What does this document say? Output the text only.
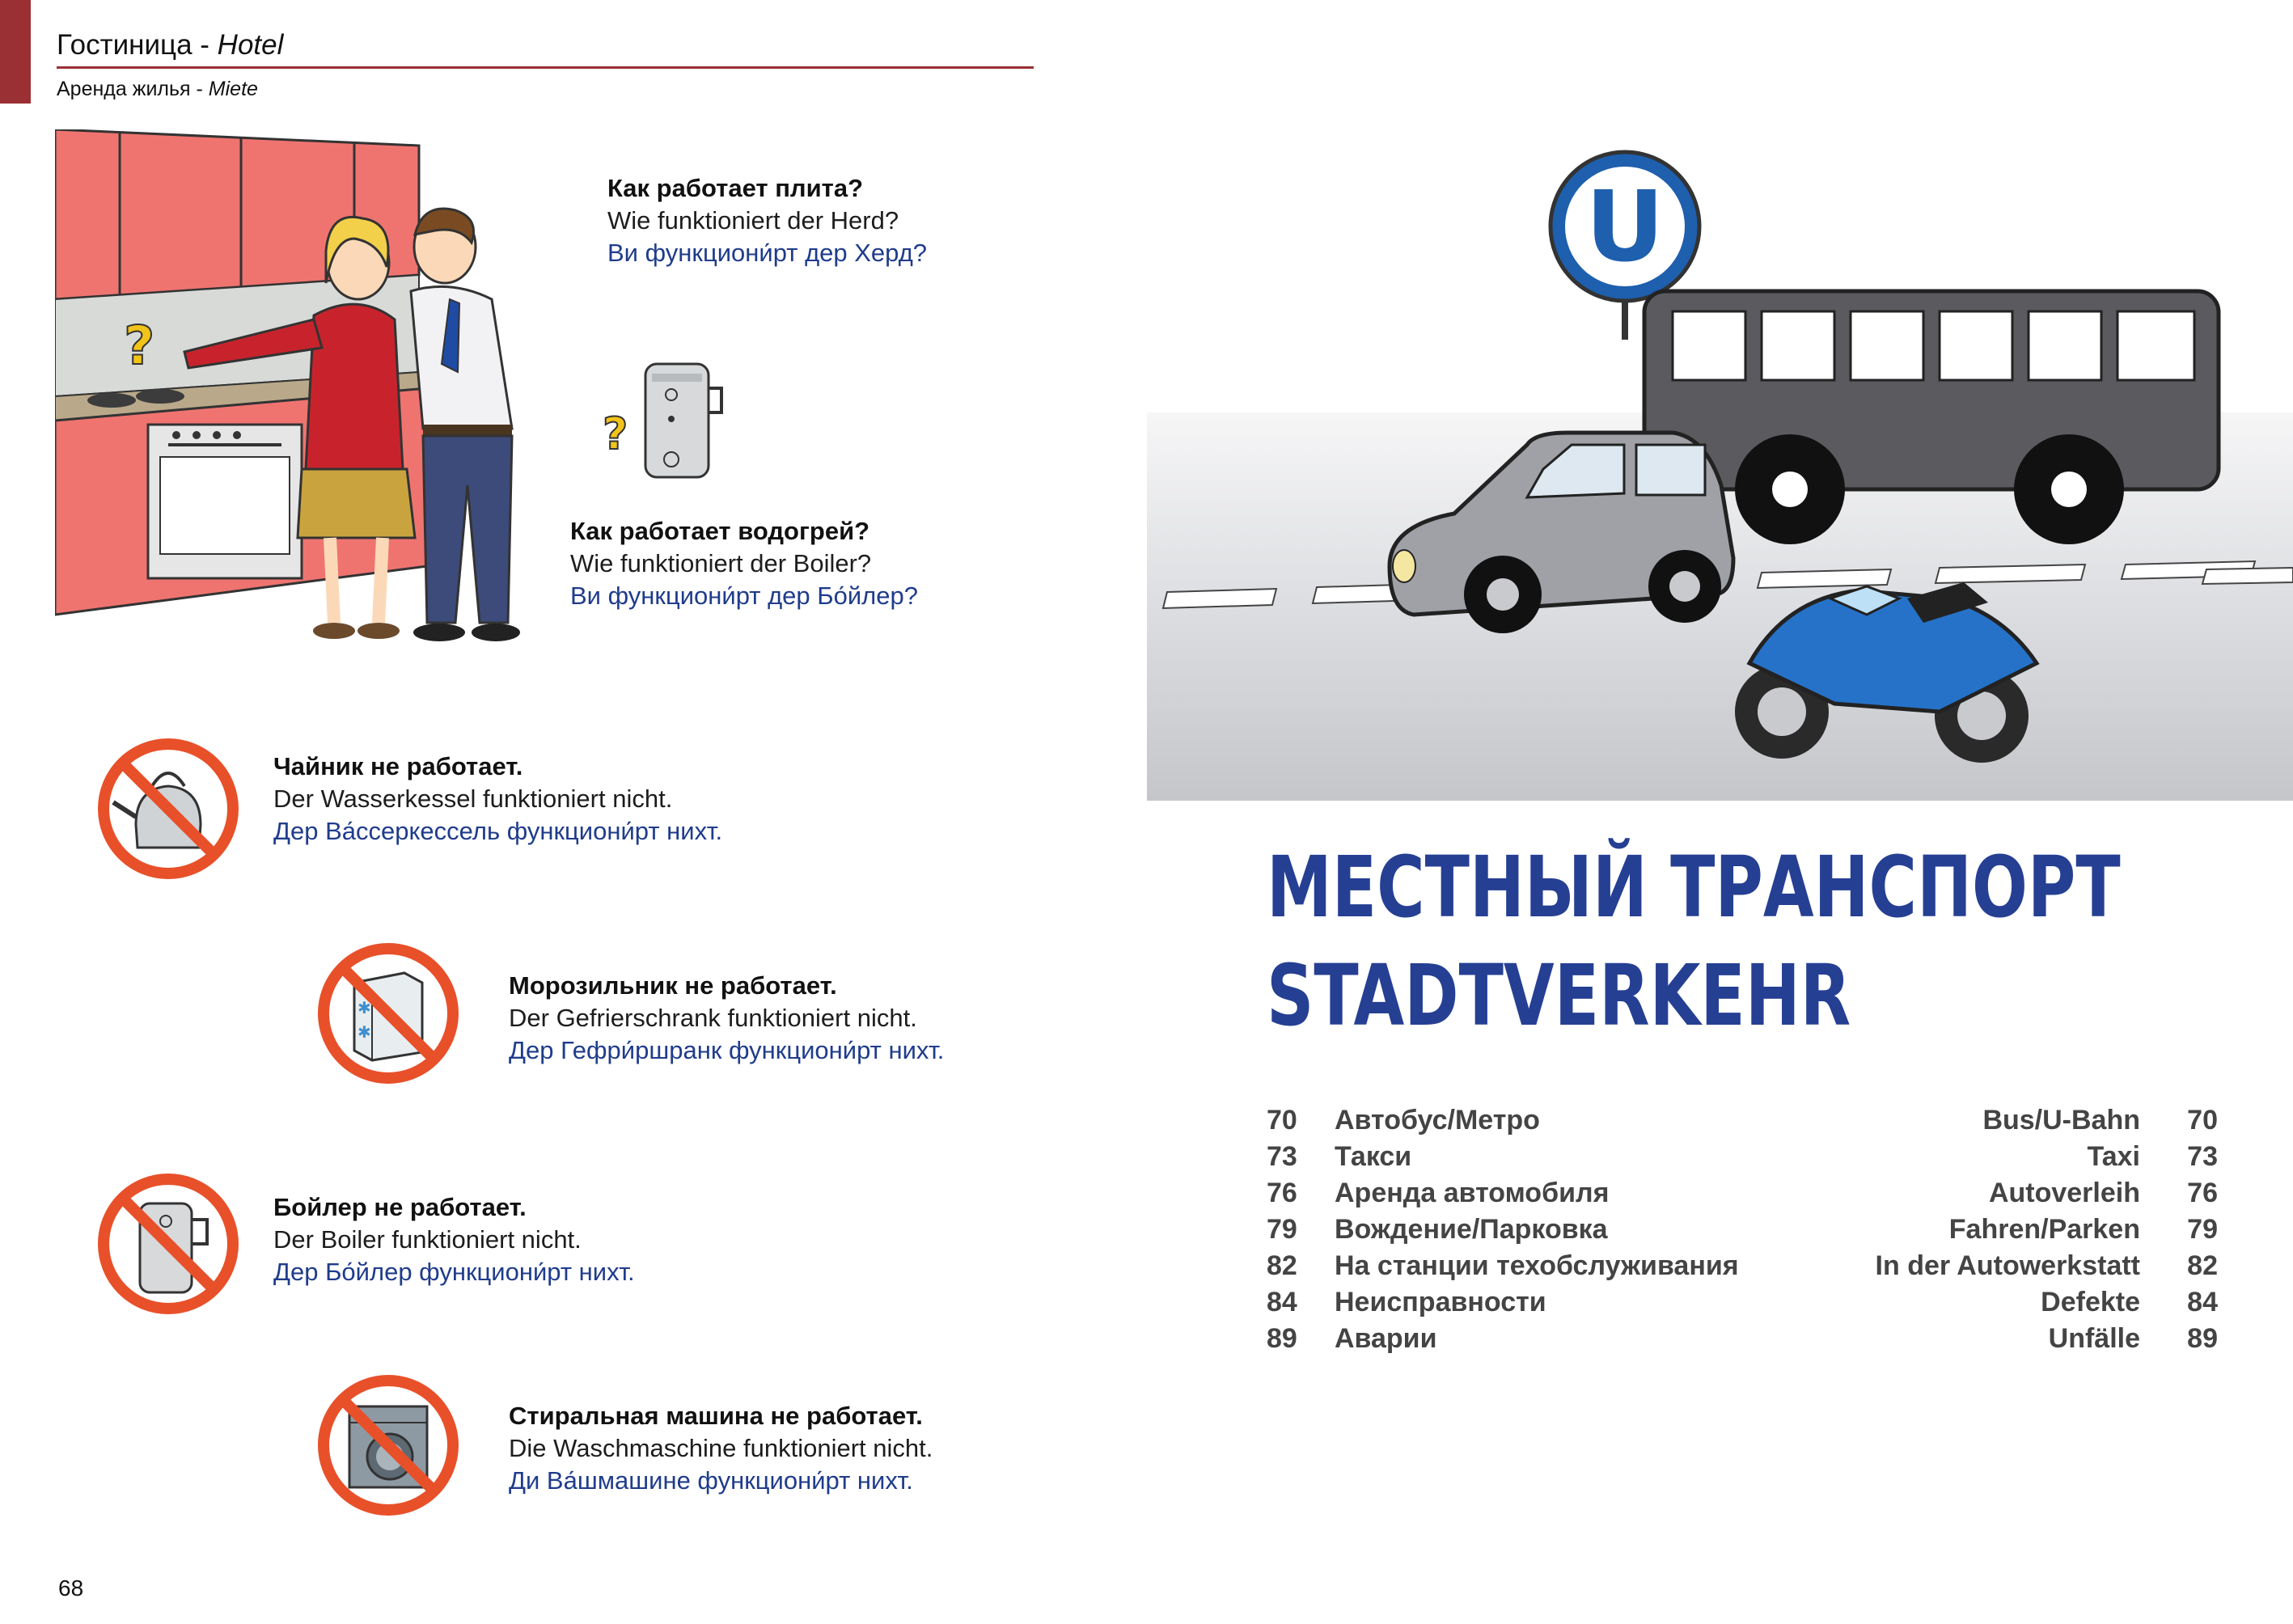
Гостиница - Hotel
Аренда жилья - Miete
?
?
Как работает плита?
Wie funktioniert der Herd?
Ви функциони́рт дер Херд?
Как работает водогрей?
Wie funktioniert der Boiler?
Ви функциони́рт дер Бо́йлер?
Чайник не работает.
Der Wasserkessel funktioniert nicht.
Дер Ва́ссеркессель функциони́рт нихт.
✱
✱
Морозильник не работает.
Der Gefrierschrank funktioniert nicht.
Дер Гефри́ршранк функциони́рт нихт.
Бойлер не работает.
Der Boiler funktioniert nicht.
Дер Бо́йлер функциони́рт нихт.
Стиральная машина не работает.
Die Waschmaschine funktioniert nicht.
Ди Ва́шмашине функциони́рт нихт.
68
U
МЕСТНЫЙ ТРАНСПОРТ
STADTVERKEHR
70	Автобус/Метро	Bus/U-Bahn	70
73	Такси	Taxi	73
76	Аренда автомобиля	Autoverleih	76
79	Вождение/Парковка	Fahren/Parken	79
82	На станции техобслуживания	In der Autowerkstatt	82
84	Неисправности	Defekte	84
89	Аварии	Unfälle	89
